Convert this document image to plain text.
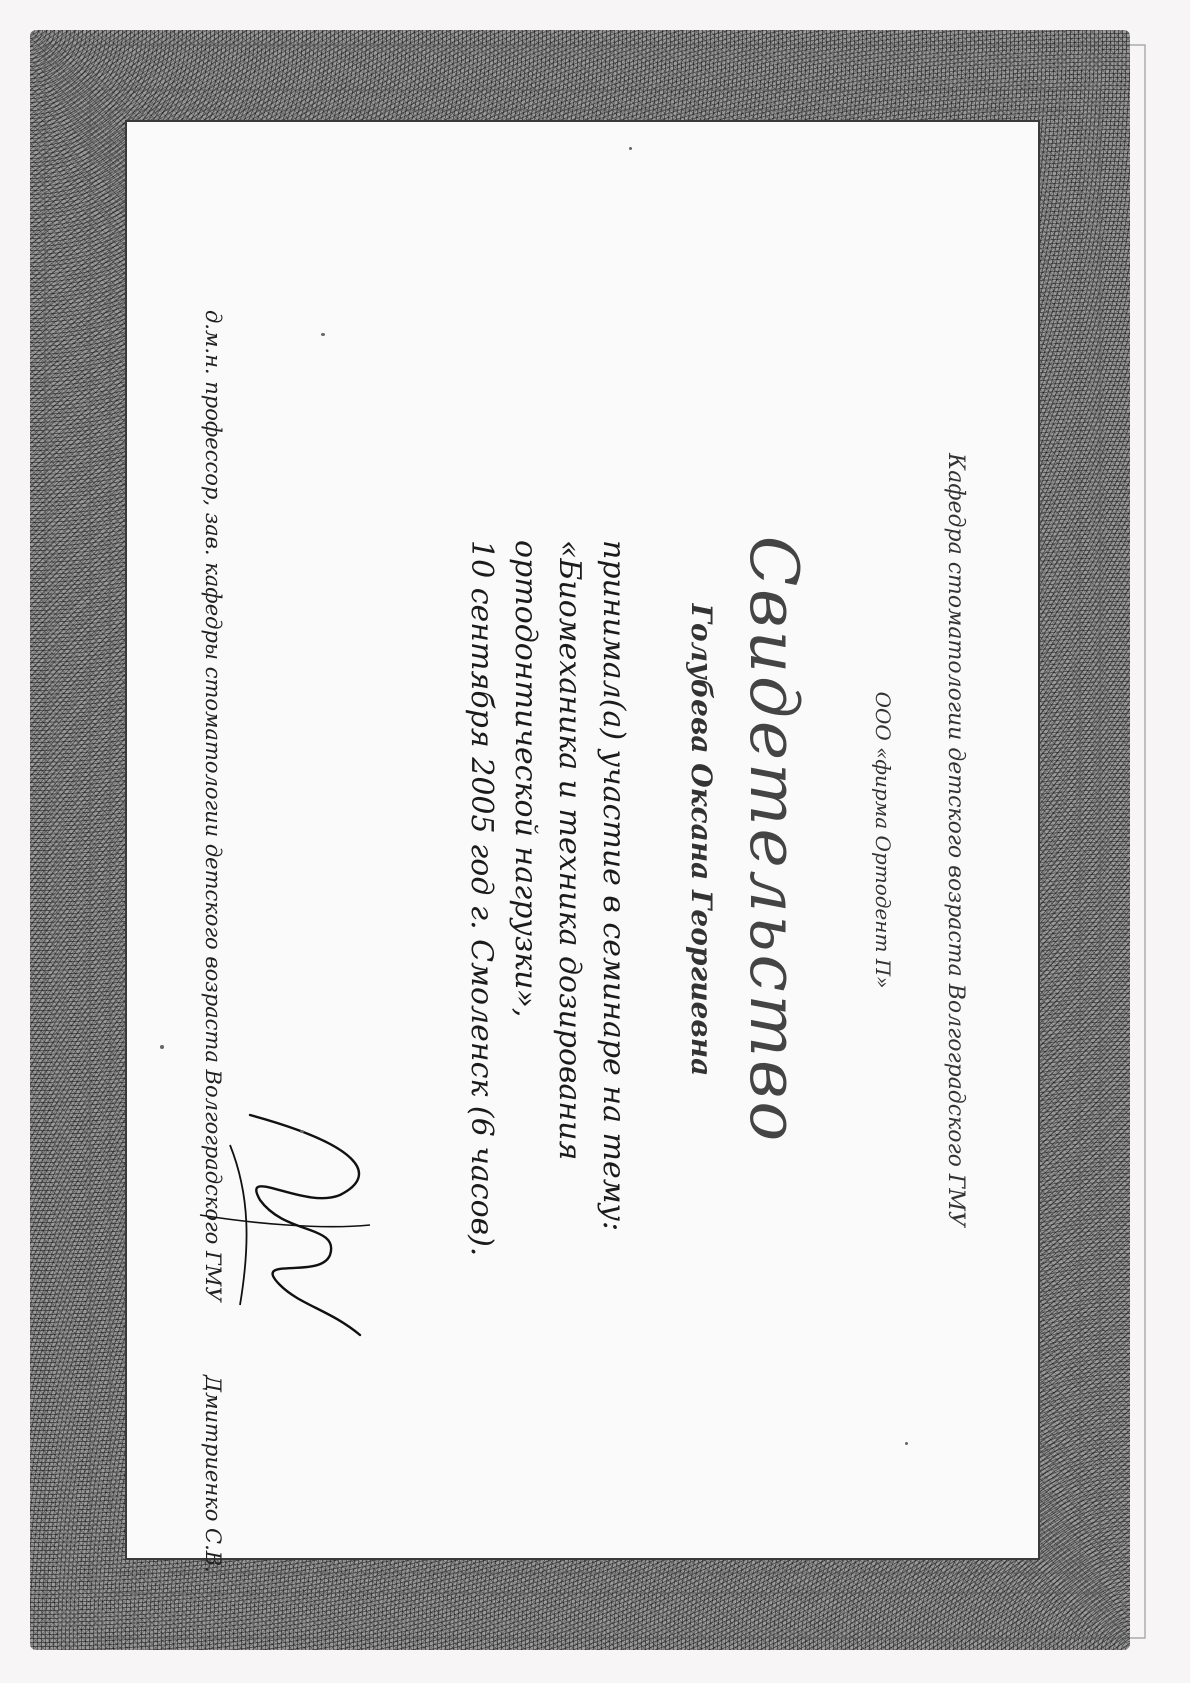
Кафедра стоматологии детского возраста Волгоградского ГМУ
ООО «фирма Ортодент П»
Свидетельство
Голубева Оксана Георгиевна
принимал(а) участие в семинаре на тему:
«Биомеханика и техника дозирования
ортодонтической нагрузки»,
10 сентября 2005 год г. Смоленск (6 часов).
д.м.н. профессор, зав. кафедры стоматологии детского возраста Волгоградского ГМУ
Дмитриенко С.В.
